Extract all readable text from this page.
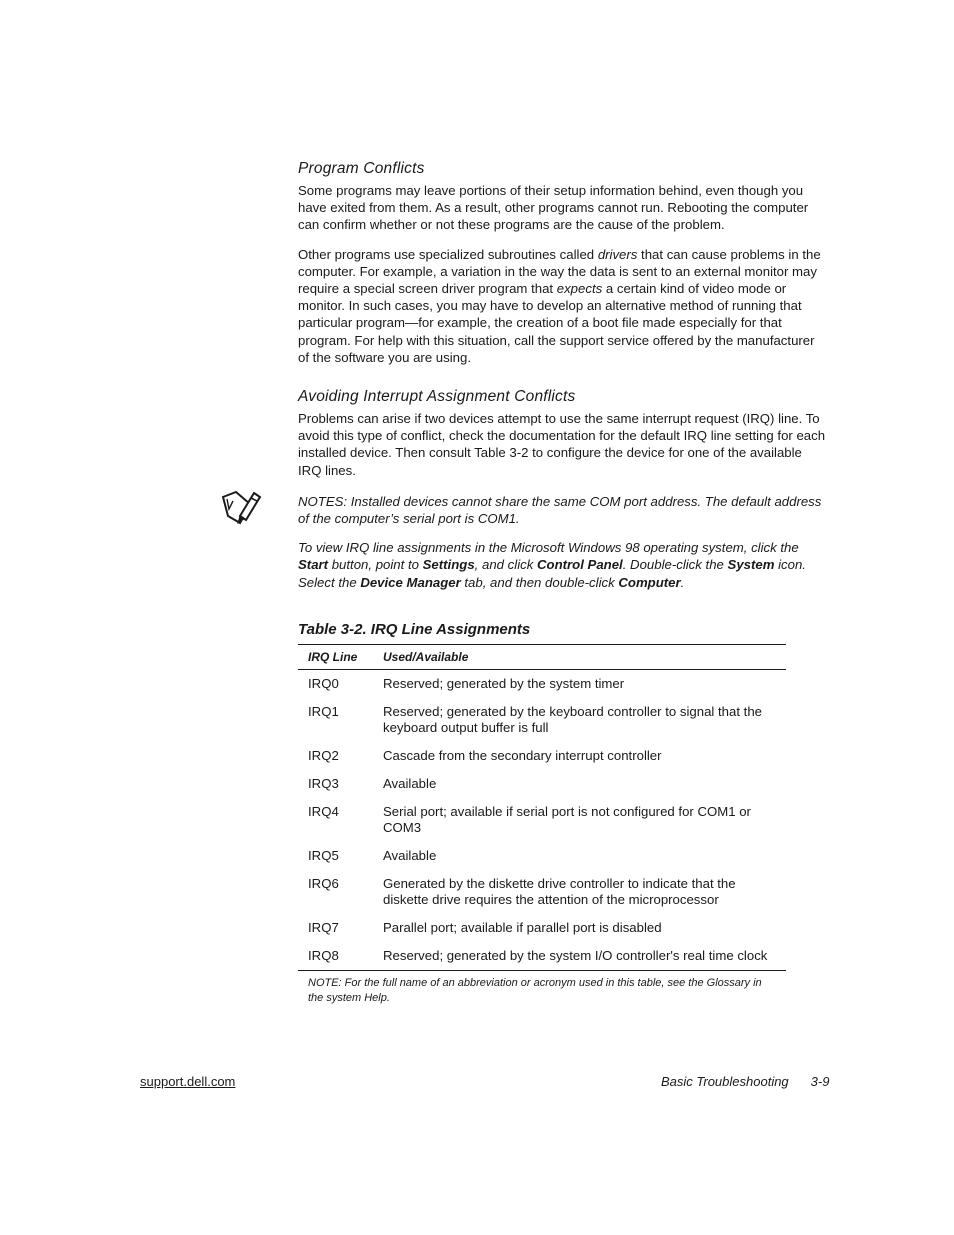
Program Conflicts

Some programs may leave portions of their setup information behind, even though you have exited from them. As a result, other programs cannot run. Rebooting the computer can confirm whether or not these programs are the cause of the problem.

Other programs use specialized subroutines called drivers that can cause problems in the computer. For example, a variation in the way the data is sent to an external monitor may require a special screen driver program that expects a certain kind of video mode or monitor. In such cases, you may have to develop an alternative method of running that particular program—for example, the creation of a boot file made especially for that program. For help with this situation, call the support service offered by the manufacturer of the software you are using.

Avoiding Interrupt Assignment Conflicts

Problems can arise if two devices attempt to use the same interrupt request (IRQ) line. To avoid this type of conflict, check the documentation for the default IRQ line setting for each installed device. Then consult Table 3-2 to configure the device for one of the available IRQ lines.

NOTES: Installed devices cannot share the same COM port address. The default address of the computer’s serial port is COM1.

To view IRQ line assignments in the Microsoft Windows 98 operating system, click the Start button, point to Settings, and click Control Panel. Double-click the System icon. Select the Device Manager tab, and then double-click Computer.

Table 3-2. IRQ Line Assignments
IRQ Line	Used/Available
IRQ0	Reserved; generated by the system timer
IRQ1	Reserved; generated by the keyboard controller to signal that the keyboard output buffer is full
IRQ2	Cascade from the secondary interrupt controller
IRQ3	Available
IRQ4	Serial port; available if serial port is not configured for COM1 or COM3
IRQ5	Available
IRQ6	Generated by the diskette drive controller to indicate that the diskette drive requires the attention of the microprocessor
IRQ7	Parallel port; available if parallel port is disabled
IRQ8	Reserved; generated by the system I/O controller's real time clock
NOTE: For the full name of an abbreviation or acronym used in this table, see the Glossary in the system Help.
support.dell.com	Basic Troubleshooting 3-9
